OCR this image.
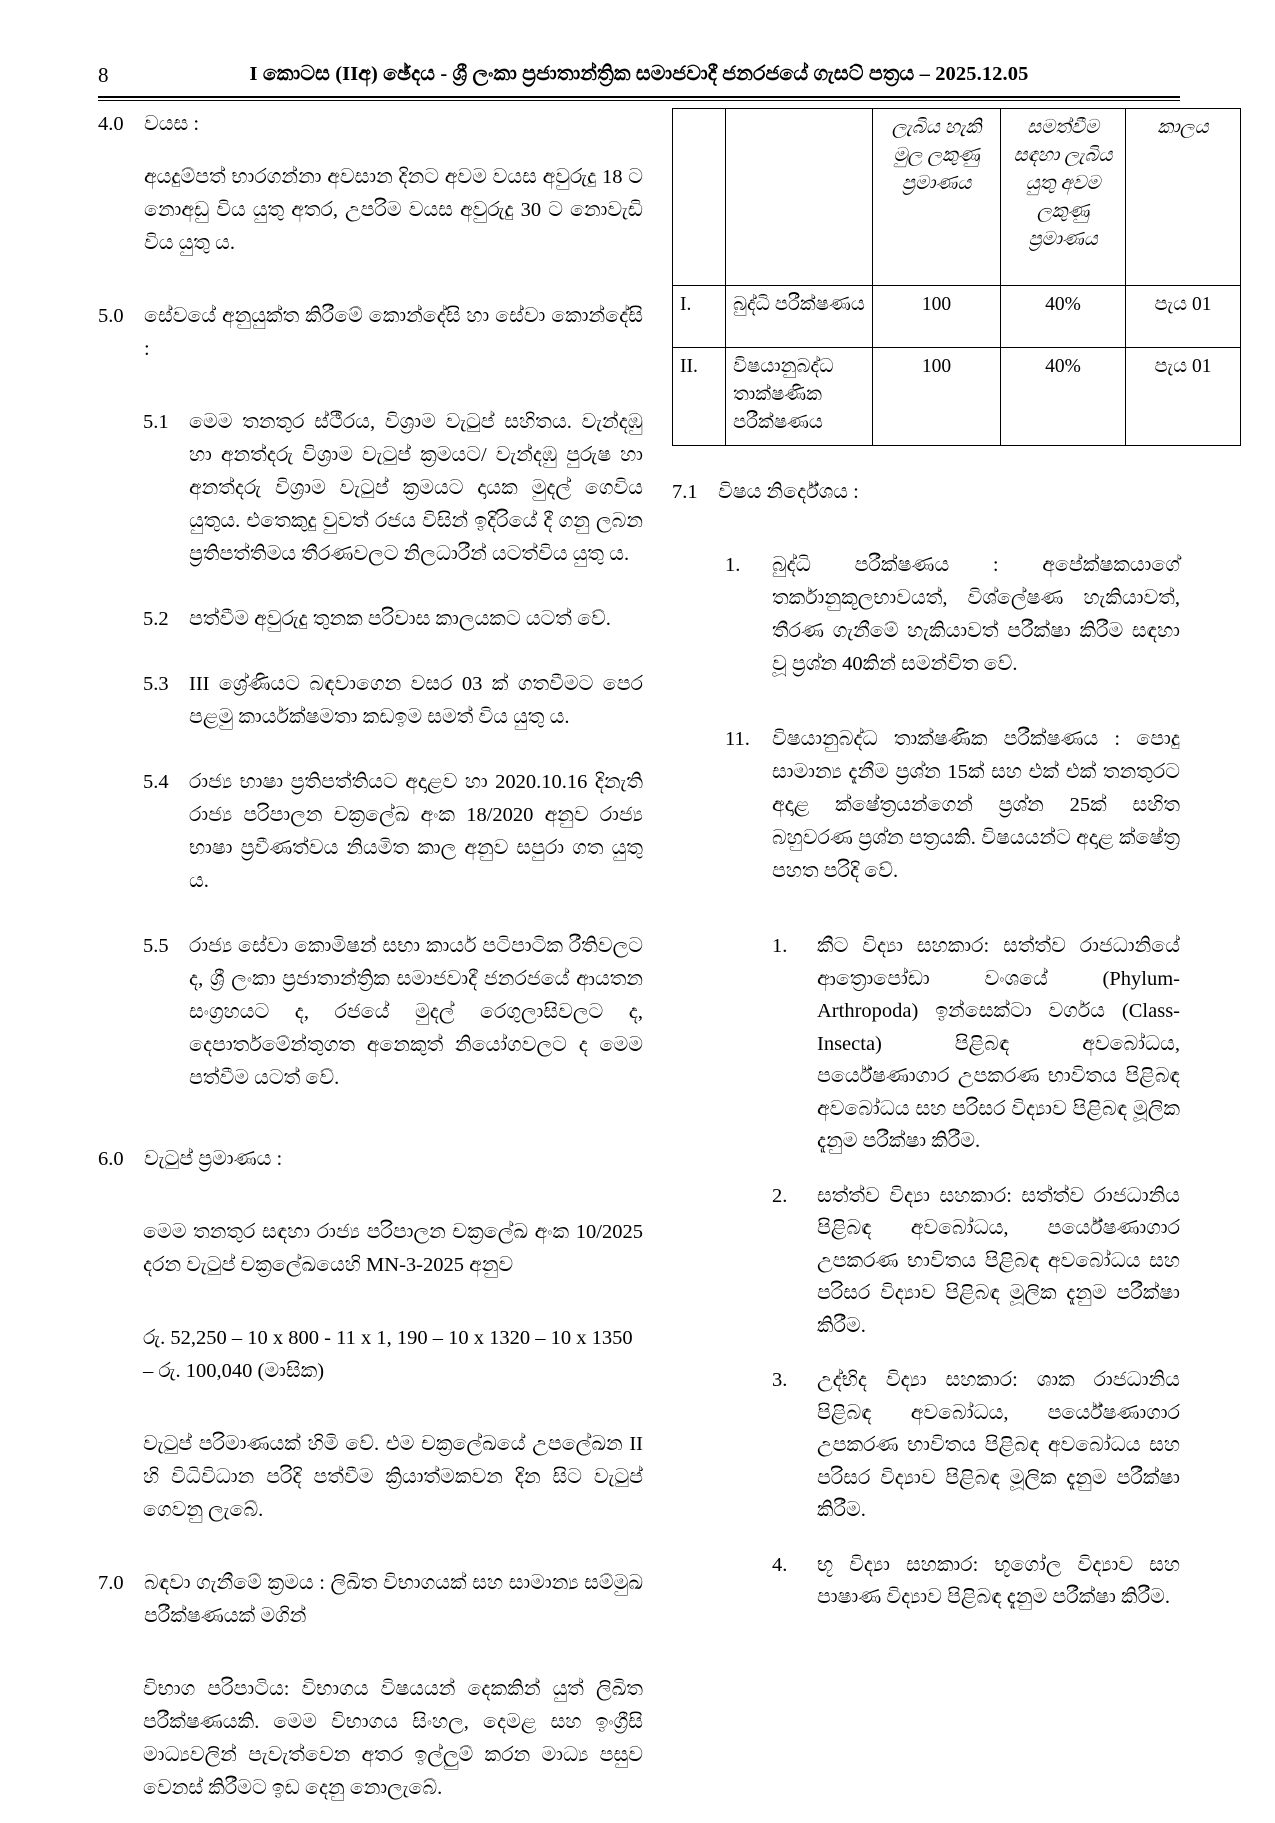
8	I කොටස (IIඅ) ඡේදය - ශ්‍රී ලංකා ප්‍රජාතාන්ත්‍රික සමාජවාදී ජනරජයේ ගැසට් පත්‍රය – 2025.12.05
4.0 වයස :
අයදුම්පත් භාරගන්නා අවසාන දිනට අවම වයස අවුරුදු 18 ට නොඅඩු විය යුතු අතර, උපරිම වයස අවුරුදු 30 ට නොවැඩි විය යුතු ය.
5.0 සේවයේ අනුයුක්ත කිරීමේ කොන්දේසි හා සේවා කොන්දේසි :
5.1 මෙම තනතුර ස්ථීරය, විශ්‍රාම වැටුප් සහිතය. වැන්දඹු හා අනත්දරු විශ්‍රාම වැටුප් ක්‍රමයට/ වැන්දඹු පුරුෂ හා අනත්දරු විශ්‍රාම වැටුප් ක්‍රමයට දායක මුදල් ගෙවිය යුතුය. එතෙකුදු වුවත් රජය විසින් ඉදිරියේ දී ගනු ලබන ප්‍රතිපත්තිමය තීරණවලට නිලධාරීන් යටත්විය යුතු ය.
5.2 පත්වීම අවුරුදු තුනක පරිවාස කාලයකට යටත් වේ.
5.3 III ශ්‍රේණියට බඳවාගෙන වසර 03 ක් ගතවීමට පෙර පළමු කාර්යක්ෂමතා කඩඉම සමත් විය යුතු ය.
5.4 රාජ්‍ය භාෂා ප්‍රතිපත්තියට අදාළව හා 2020.10.16 දිනැති රාජ්‍ය පරිපාලන චක්‍රලේඛ අංක 18/2020 අනුව රාජ්‍ය භාෂා ප්‍රවීණත්වය නියමිත කාල අනුව සපුරා ගත යුතු ය.
5.5 රාජ්‍ය සේවා කොමිෂන් සභා කාර්ය පටිපාටික රීතිවලට ද, ශ්‍රී ලංකා ප්‍රජාතාන්ත්‍රික සමාජවාදී ජනරජයේ ආයතන සංග්‍රහයට ද, රජයේ මුදල් රෙගුලාසිවලට ද, දෙපාර්තමේන්තුගත අනෙකුත් නියෝගවලට ද මෙම පත්වීම යටත් වේ.
6.0 වැටුප් ප්‍රමාණය :
මෙම තනතුර සඳහා රාජ්‍ය පරිපාලන චක්‍රලේඛ අංක 10/2025 දරන වැටුප් චක්‍රලේඛයෙහි MN-3-2025 අනුව
රු. 52,250 – 10 x 800 - 11 x 1, 190 – 10 x 1320 – 10 x 1350 – රු. 100,040 (මාසික)
වැටුප් පරිමාණයක් හිමි වේ. එම චක්‍රලේඛයේ උපලේඛන II හි විධිවිධාන පරිදි පත්වීම ක්‍රියාත්මකවන දින සිට වැටුප් ගෙවනු ලැබේ.
7.0 බඳවා ගැනීමේ ක්‍රමය : ලිඛිත විභාගයක් සහ සාමාන්‍ය සම්මුඛ පරීක්ෂණයක් මගින්
විභාග පරිපාටිය: විභාගය විෂයයන් දෙකකින් යුත් ලිඛිත පරීක්ෂණයකි. මෙම විභාගය සිංහල, දෙමළ සහ ඉංග්‍රීසි මාධ්‍යවලින් පැවැත්වෙන අතර ඉල්ලුම් කරන මාධ්‍ය පසුව වෙනස් කිරීමට ඉඩ දෙනු නොලැබේ.
		ලැබිය හැකි මුල ලකුණු ප්‍රමාණය	සමත්වීම සඳහා ලැබිය යුතු අවම ලකුණු ප්‍රමාණය	කාලය
I.	බුද්ධි පරීක්ෂණය	100	40%	පැය 01
II.	විෂයානුබද්ධ තාක්ෂණික පරීක්ෂණය	100	40%	පැය 01
7.1 විෂය නිර්දේශය :
1.	බුද්ධි පරීක්ෂණය : අපේක්ෂකයාගේ තර්කානුකූලභාවයත්, විශ්ලේෂණ හැකියාවත්, තීරණ ගැනීමේ හැකියාවත් පරීක්ෂා කිරීම සඳහා වූ ප්‍රශ්න 40කින් සමන්විත වේ.
11.	විෂයානුබද්ධ තාක්ෂණික පරීක්ෂණය : පොදු සාමාන්‍ය දැනීම ප්‍රශ්න 15ක් සහ එක් එක් තනතුරට අදාළ ක්ෂේත්‍රයන්ගෙන් ප්‍රශ්න 25ක් සහිත බහුවරණ ප්‍රශ්න පත්‍රයකි. විෂයයන්ට අදාළ ක්ෂේත්‍ර පහත පරිදි වේ.
1.	කීට විද්‍යා සහකාර: සත්ත්ව රාජධානියේ ආත්‍රොපෝඩා වංශයේ (Phylum-Arthropoda) ඉන්සෙක්ටා වර්ගය (Class-Insecta) පිළිබඳ අවබෝධය, පර්යේෂණාගාර උපකරණ භාවිතය පිළිබඳ අවබෝධය සහ පරිසර විද්‍යාව පිළිබඳ මූලික දැනුම පරීක්ෂා කිරීම.
2.	සත්ත්ව විද්‍යා සහකාර: සත්ත්ව රාජධානිය පිළිබඳ අවබෝධය, පර්යේෂණාගාර උපකරණ භාවිතය පිළිබඳ අවබෝධය සහ පරිසර විද්‍යාව පිළිබඳ මූලික දැනුම පරීක්ෂා කිරීම.
3.	උද්භිද විද්‍යා සහකාර: ශාක රාජධානිය පිළිබඳ අවබෝධය, පර්යේෂණාගාර උපකරණ භාවිතය පිළිබඳ අවබෝධය සහ පරිසර විද්‍යාව පිළිබඳ මූලික දැනුම පරීක්ෂා කිරීම.
4.	භූ විද්‍යා සහකාර: භූගෝල විද්‍යාව සහ පාෂාණ විද්‍යාව පිළිබඳ දැනුම පරීක්ෂා කිරීම.
